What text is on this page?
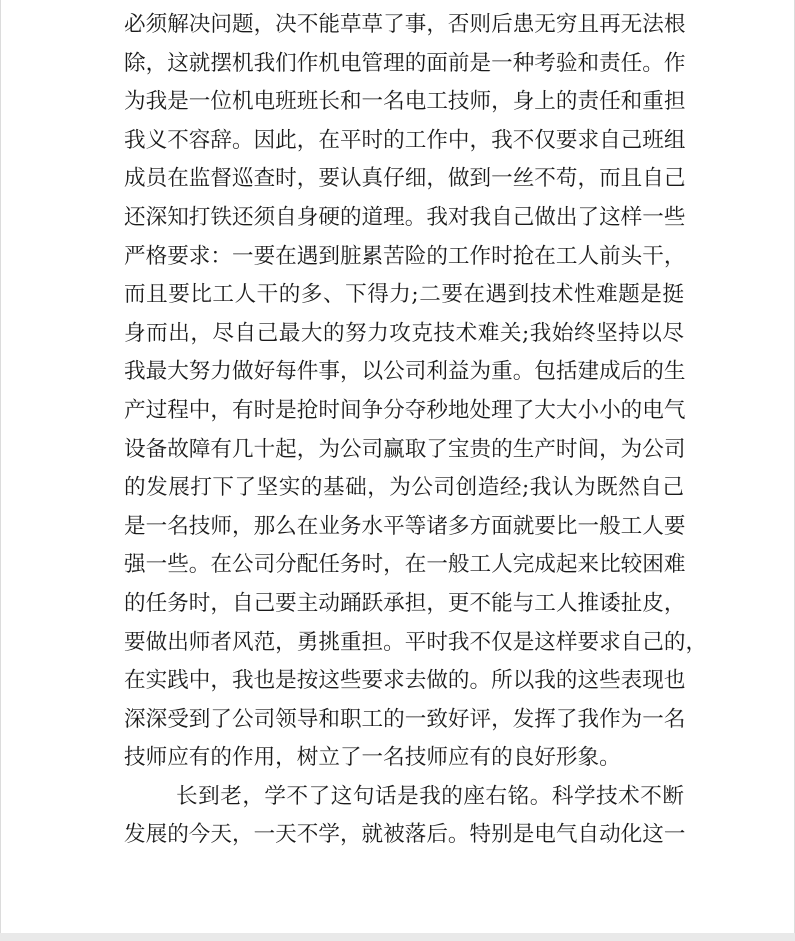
必须解决问题，决不能草草了事，否则后患无穷且再无法根
除，这就摆机我们作机电管理的面前是一种考验和责任。作
为我是一位机电班班长和一名电工技师，身上的责任和重担
我义不容辞。因此，在平时的工作中，我不仅要求自己班组
成员在监督巡查时，要认真仔细，做到一丝不苟，而且自己
还深知打铁还须自身硬的道理。我对我自己做出了这样一些
严格要求：一要在遇到脏累苦险的工作时抢在工人前头干，
而且要比工人干的多、下得力;二要在遇到技术性难题是挺
身而出，尽自己最大的努力攻克技术难关;我始终坚持以尽
我最大努力做好每件事，以公司利益为重。包括建成后的生
产过程中，有时是抢时间争分夺秒地处理了大大小小的电气
设备故障有几十起，为公司赢取了宝贵的生产时间，为公司
的发展打下了坚实的基础，为公司创造经;我认为既然自己
是一名技师，那么在业务水平等诸多方面就要比一般工人要
强一些。在公司分配任务时，在一般工人完成起来比较困难
的任务时，自己要主动踊跃承担，更不能与工人推诿扯皮，
要做出师者风范，勇挑重担。平时我不仅是这样要求自己的，
在实践中，我也是按这些要求去做的。所以我的这些表现也
深深受到了公司领导和职工的一致好评，发挥了我作为一名
技师应有的作用，树立了一名技师应有的良好形象。
长到老，学不了这句话是我的座右铭。科学技术不断
发展的今天，一天不学，就被落后。特别是电气自动化这一
